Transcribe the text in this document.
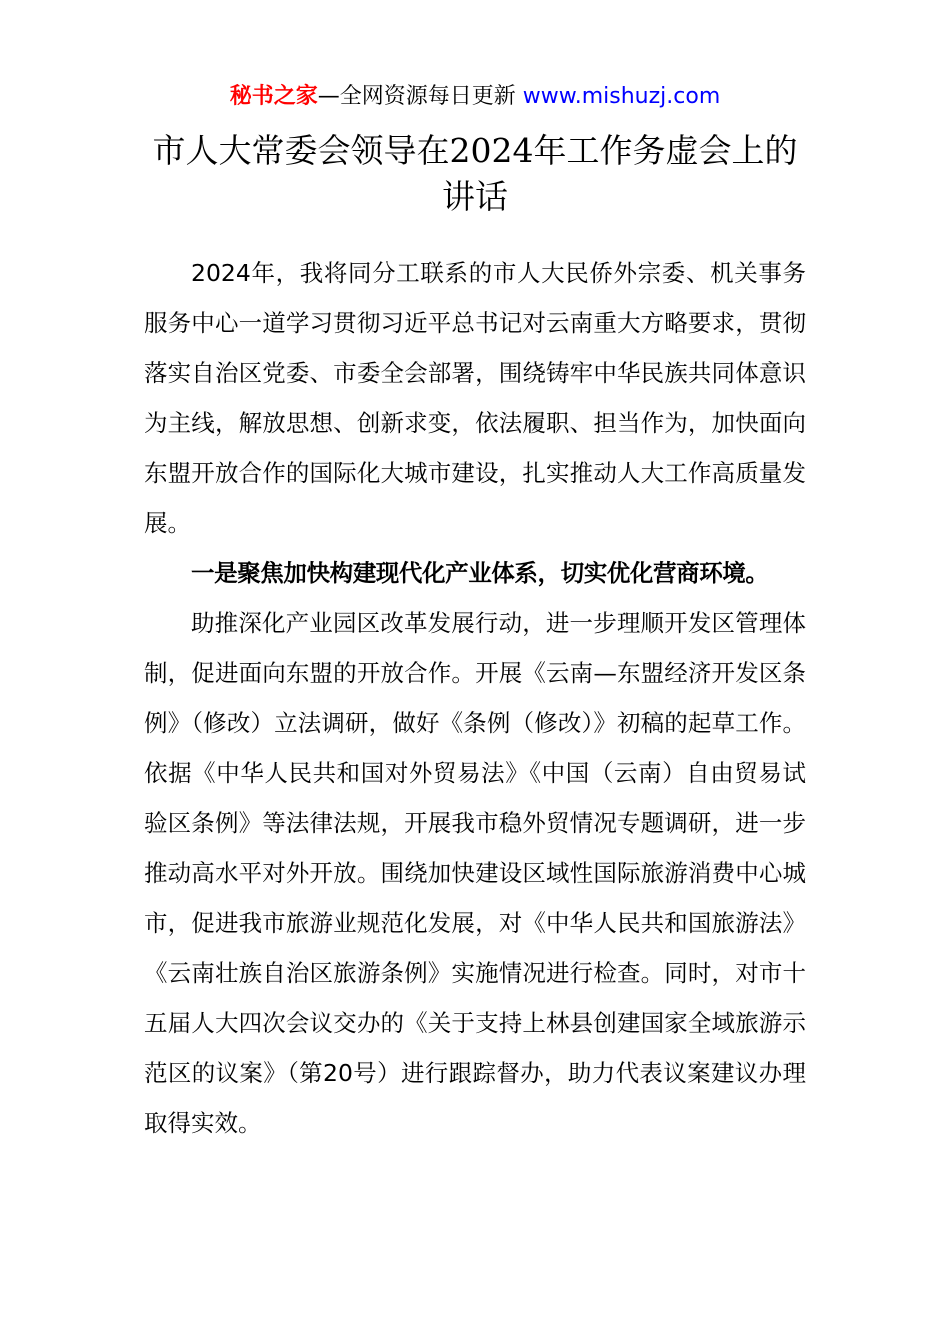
秘书之家—全网资源每日更新 www.mishuzj.com
市人大常委会领导在2024年工作务虚会上的讲话

2024年，我将同分工联系的市人大民侨外宗委、机关事务服务中心一道学习贯彻习近平总书记对云南重大方略要求，贯彻落实自治区党委、市委全会部署，围绕铸牢中华民族共同体意识为主线，解放思想、创新求变，依法履职、担当作为，加快面向东盟开放合作的国际化大城市建设，扎实推动人大工作高质量发展。

一是聚焦加快构建现代化产业体系，切实优化营商环境。

助推深化产业园区改革发展行动，进一步理顺开发区管理体制，促进面向东盟的开放合作。开展《云南—东盟经济开发区条例》（修改）立法调研，做好《条例（修改）》初稿的起草工作。依据《中华人民共和国对外贸易法》《中国（云南）自由贸易试验区条例》等法律法规，开展我市稳外贸情况专题调研，进一步推动高水平对外开放。围绕加快建设区域性国际旅游消费中心城市，促进我市旅游业规范化发展，对《中华人民共和国旅游法》《云南壮族自治区旅游条例》实施情况进行检查。同时，对市十五届人大四次会议交办的《关于支持上林县创建国家全域旅游示范区的议案》（第20号）进行跟踪督办，助力代表议案建议办理取得实效。
